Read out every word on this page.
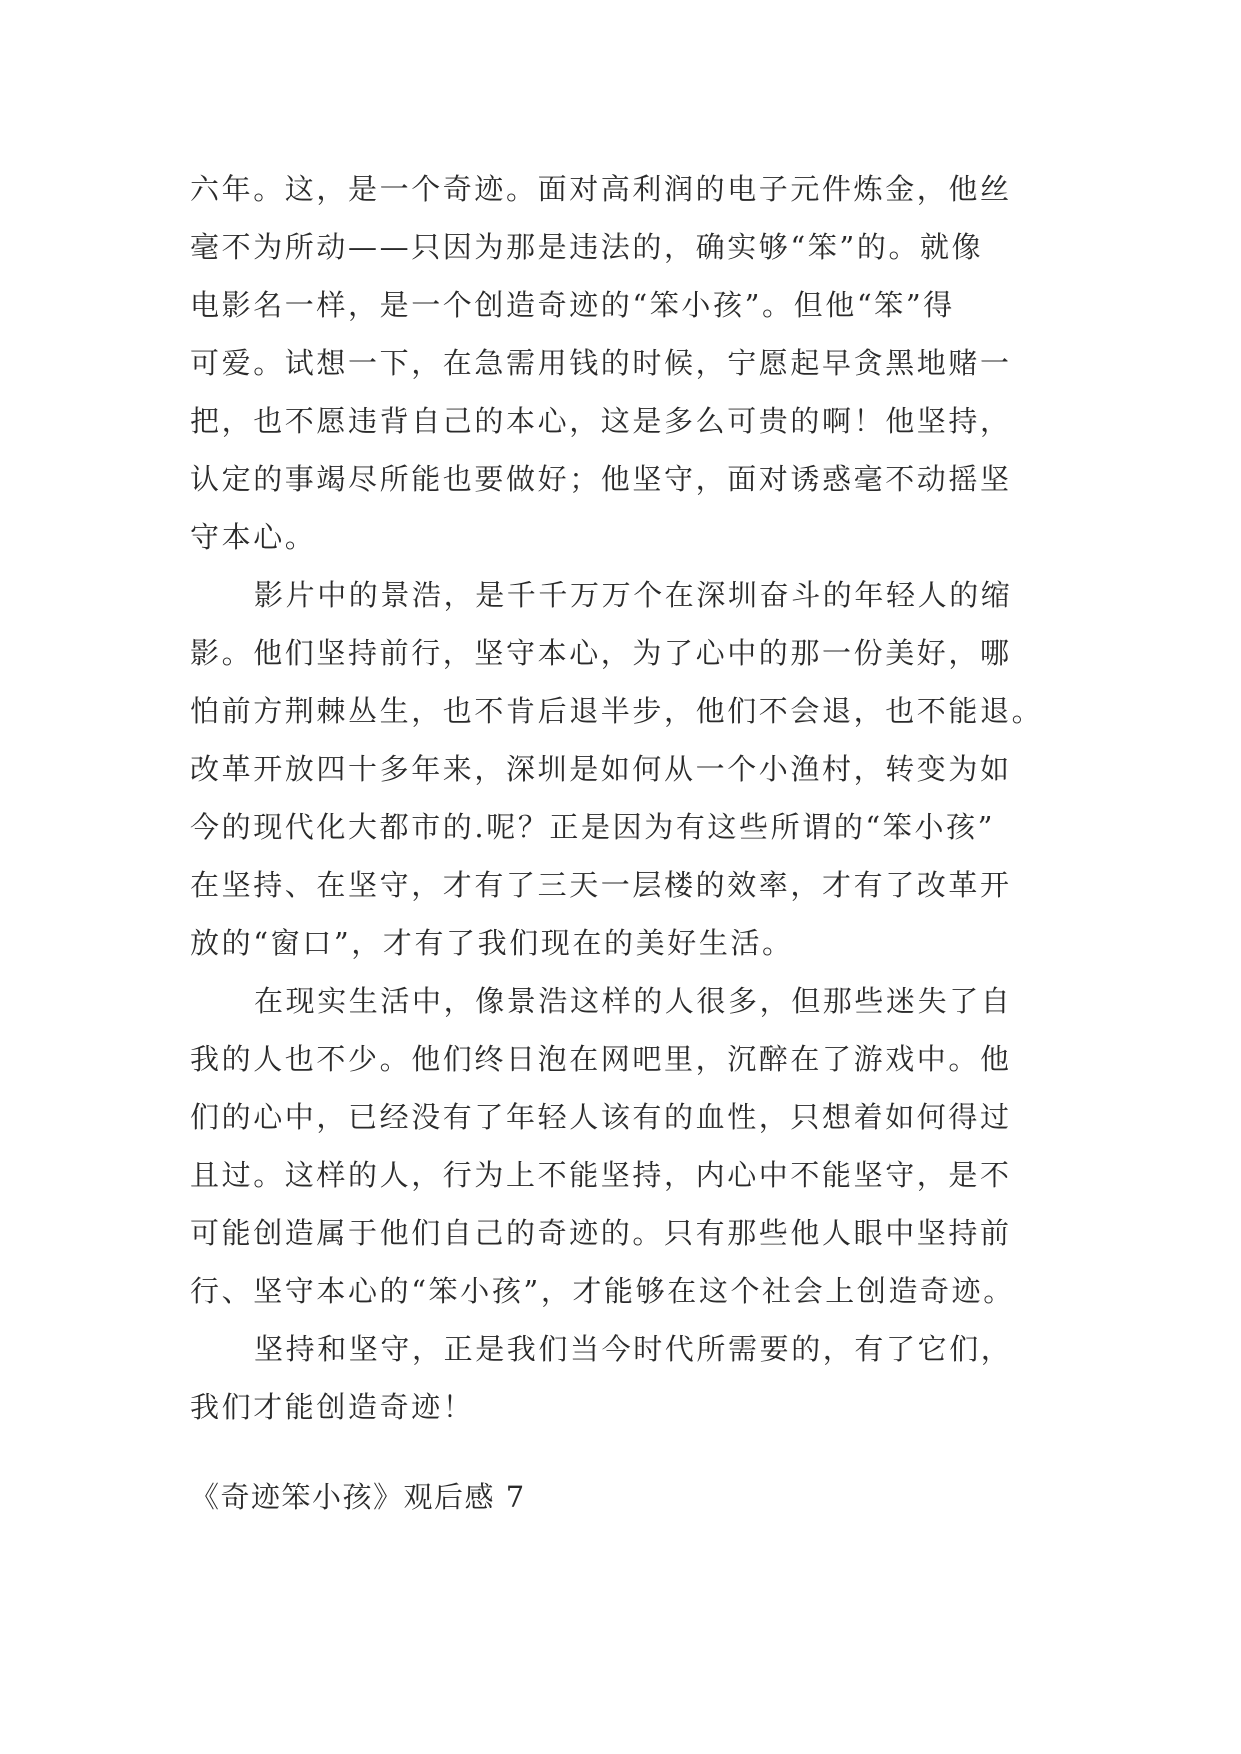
六年。这，是一个奇迹。面对高利润的电子元件炼金，他丝
毫不为所动——只因为那是违法的，确实够“笨”的。就像
电影名一样，是一个创造奇迹的“笨小孩”。但他“笨”得
可爱。试想一下，在急需用钱的时候，宁愿起早贪黑地赌一
把，也不愿违背自己的本心，这是多么可贵的啊！他坚持，
认定的事竭尽所能也要做好；他坚守，面对诱惑毫不动摇坚
守本心。
影片中的景浩，是千千万万个在深圳奋斗的年轻人的缩
影。他们坚持前行，坚守本心，为了心中的那一份美好，哪
怕前方荆棘丛生，也不肯后退半步，他们不会退，也不能退。
改革开放四十多年来，深圳是如何从一个小渔村，转变为如
今的现代化大都市的.呢？正是因为有这些所谓的“笨小孩”
在坚持、在坚守，才有了三天一层楼的效率，才有了改革开
放的“窗口”，才有了我们现在的美好生活。
在现实生活中，像景浩这样的人很多，但那些迷失了自
我的人也不少。他们终日泡在网吧里，沉醉在了游戏中。他
们的心中，已经没有了年轻人该有的血性，只想着如何得过
且过。这样的人，行为上不能坚持，内心中不能坚守，是不
可能创造属于他们自己的奇迹的。只有那些他人眼中坚持前
行、坚守本心的“笨小孩”，才能够在这个社会上创造奇迹。
坚持和坚守，正是我们当今时代所需要的，有了它们，
我们才能创造奇迹！
《奇迹笨小孩》观后感 7
